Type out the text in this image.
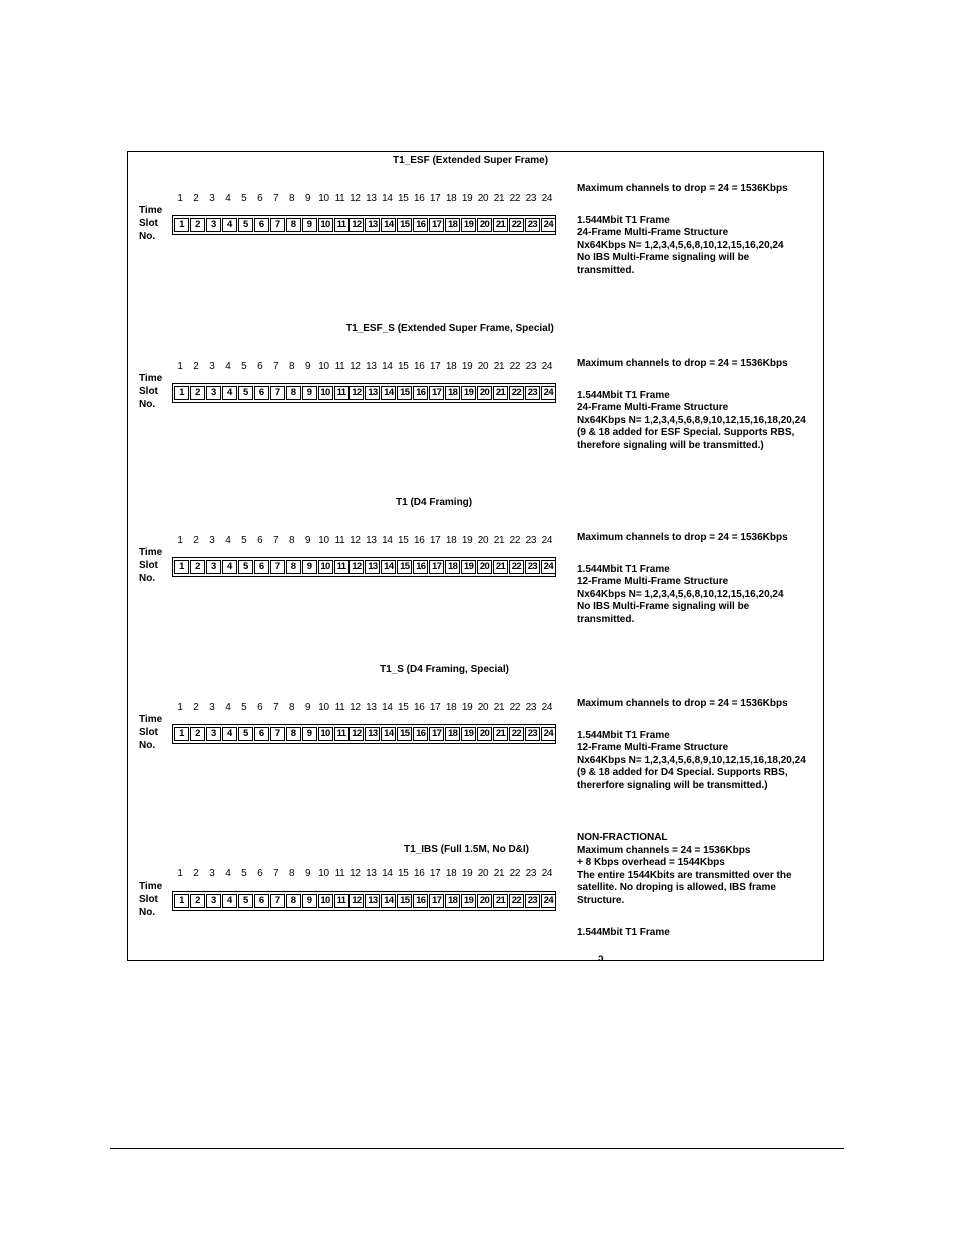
T1_ESF (Extended Super Frame)
1	2	3	4	5	6	7	8	9 10 11 12 13 14 15 16 17 18 19 20 21 22 23 24
Time
Slot
No.
1	2	3	4	5	6	7	8	9 10 11 12 13 14 15 16 17 18 19 20 21 22 23 24
Maximum channels to drop = 24 = 1536Kbps
1.544Mbit T1 Frame
24-Frame Multi-Frame Structure
Nx64Kbps N= 1,2,3,4,5,6,8,10,12,15,16,20,24
No IBS Multi-Frame signaling will be
transmitted.
T1_ESF_S (Extended Super Frame, Special)
1	2	3	4	5	6	7	8	9 10 11 12 13 14 15 16 17 18 19 20 21 22 23 24
Time
Slot
No.
1	2	3	4	5	6	7	8	9 10 11 12 13 14 15 16 17 18 19 20 21 22 23 24
Maximum channels to drop = 24 = 1536Kbps
1.544Mbit T1 Frame
24-Frame Multi-Frame Structure
Nx64Kbps N= 1,2,3,4,5,6,8,9,10,12,15,16,18,20,24
(9 & 18 added for ESF Special. Supports RBS,
therefore signaling will be transmitted.)
T1 (D4 Framing)
1	2	3	4	5	6	7	8	9 10 11 12 13 14 15 16 17 18 19 20 21 22 23 24
Time
Slot
No.
1	2	3	4	5	6	7	8	9 10 11 12 13 14 15 16 17 18 19 20 21 22 23 24
Maximum channels to drop = 24 = 1536Kbps
1.544Mbit T1 Frame
12-Frame Multi-Frame Structure
Nx64Kbps N= 1,2,3,4,5,6,8,10,12,15,16,20,24
No IBS Multi-Frame signaling will be
transmitted.
T1_S (D4 Framing, Special)
1	2	3	4	5	6	7	8	9 10 11 12 13 14 15 16 17 18 19 20 21 22 23 24
Time
Slot
No.
1	2	3	4	5	6	7	8	9 10 11 12 13 14 15 16 17 18 19 20 21 22 23 24
Maximum channels to drop = 24 = 1536Kbps
1.544Mbit T1 Frame
12-Frame Multi-Frame Structure
Nx64Kbps N= 1,2,3,4,5,6,8,9,10,12,15,16,18,20,24
(9 & 18 added for D4 Special. Supports RBS,
thererfore signaling will be transmitted.)
T1_IBS (Full 1.5M, No D&I)
1	2	3	4	5	6	7	8	9 10 11 12 13 14 15 16 17 18 19 20 21 22 23 24
Time
Slot
No.
1	2	3	4	5	6	7	8	9 10 11 12 13 14 15 16 17 18 19 20 21 22 23 24
NON-FRACTIONAL
Maximum channels = 24 = 1536Kbps
+ 8 Kbps overhead = 1544Kbps
The entire 1544Kbits are transmitted over the
satellite. No droping is allowed, IBS frame
Structure.
1.544Mbit T1 Frame
ɔ
